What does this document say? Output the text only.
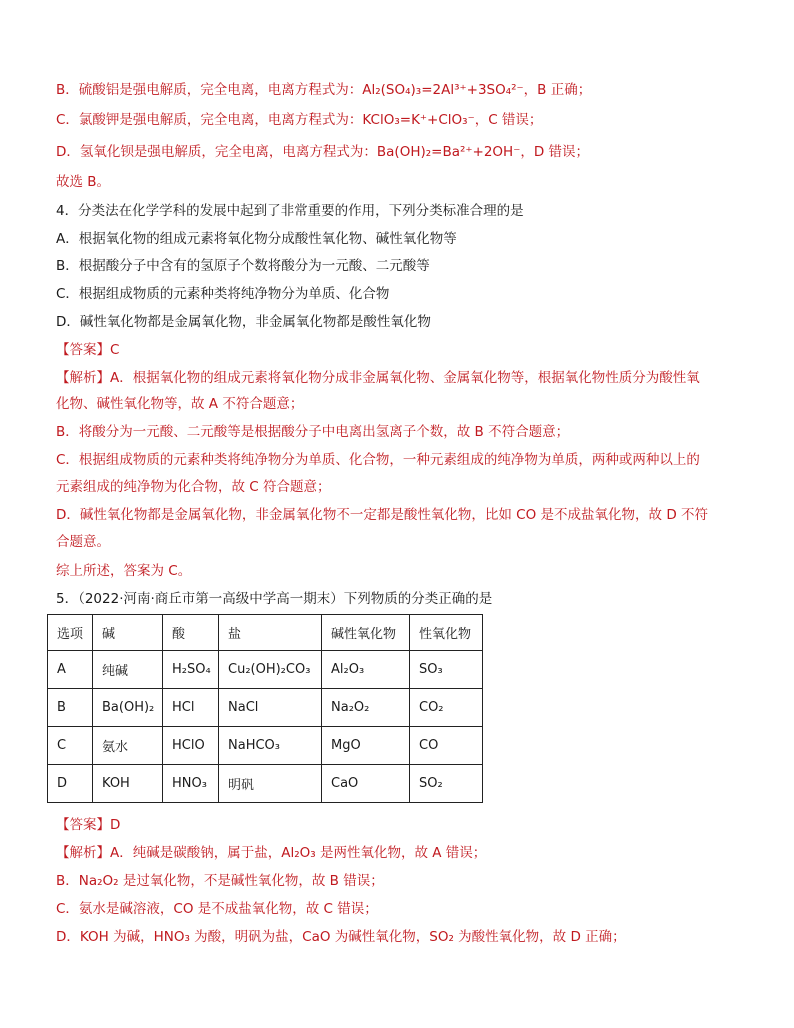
B．硫酸铝是强电解质，完全电离，电离方程式为：Al₂(SO₄)₃=2Al³⁺+3SO₄²⁻，B 正确；
C．氯酸钾是强电解质，完全电离，电离方程式为：KClO₃=K⁺+ClO₃⁻，C 错误；
D．氢氧化钡是强电解质，完全电离，电离方程式为：Ba(OH)₂=Ba²⁺+2OH⁻，D 错误；
故选 B。
4．分类法在化学学科的发展中起到了非常重要的作用，下列分类标准合理的是
A．根据氧化物的组成元素将氧化物分成酸性氧化物、碱性氧化物等
B．根据酸分子中含有的氢原子个数将酸分为一元酸、二元酸等
C．根据组成物质的元素种类将纯净物分为单质、化合物
D．碱性氧化物都是金属氧化物，非金属氧化物都是酸性氧化物
【答案】C
【解析】A．根据氧化物的组成元素将氧化物分成非金属氧化物、金属氧化物等，根据氧化物性质分为酸性氧
化物、碱性氧化物等，故 A 不符合题意；
B．将酸分为一元酸、二元酸等是根据酸分子中电离出氢离子个数，故 B 不符合题意；
C．根据组成物质的元素种类将纯净物分为单质、化合物，一种元素组成的纯净物为单质，两种或两种以上的
元素组成的纯净物为化合物，故 C 符合题意；
D．碱性氧化物都是金属氧化物，非金属氧化物不一定都是酸性氧化物，比如 CO 是不成盐氧化物，故 D 不符
合题意。
综上所述，答案为 C。
5．（2022·河南·商丘市第一高级中学高一期末）下列物质的分类正确的是
选项	碱	酸	盐	碱性氧化物	性氧化物
A	纯碱	H₂SO₄	Cu₂(OH)₂CO₃	Al₂O₃	SO₃
B	Ba(OH)₂	HCl	NaCl	Na₂O₂	CO₂
C	氨水	HClO	NaHCO₃	MgO	CO
D	KOH	HNO₃	明矾	CaO	SO₂
【答案】D
【解析】A．纯碱是碳酸钠，属于盐，Al₂O₃ 是两性氧化物，故 A 错误；
B．Na₂O₂ 是过氧化物，不是碱性氧化物，故 B 错误；
C．氨水是碱溶液，CO 是不成盐氧化物，故 C 错误；
D．KOH 为碱，HNO₃ 为酸，明矾为盐，CaO 为碱性氧化物，SO₂ 为酸性氧化物，故 D 正确；
